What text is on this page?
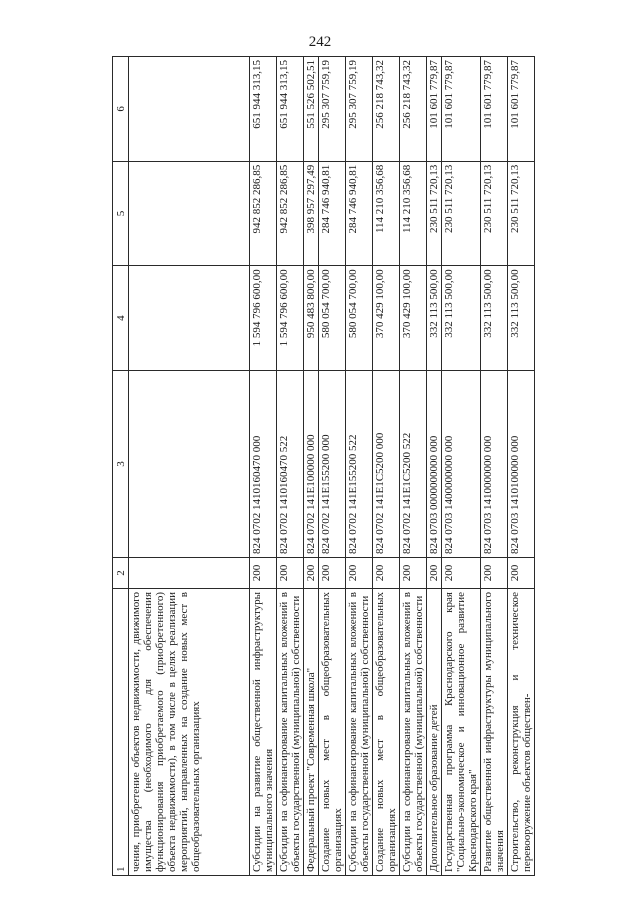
242
1	2	3	4	5	6
чения, приобретение объектов недвижимости, движимого имущества (необходимого для обеспечения функционирования приобретаемого (приобретенного) объекта недвижимости), в том числе в целях реализации мероприятий, направленных на создание новых мест в общеобразовательных организациях					
Субсидии на развитие общественной инфраструктуры муниципального значения	200	824 0702 1410160470 000	1 594 796 600,00	942 852 286,85	651 944 313,15
Субсидии на софинансирование капитальных вложений в объекты государственной (муниципальной) собственности	200	824 0702 1410160470 522	1 594 796 600,00	942 852 286,85	651 944 313,15
Федеральный проект "Современная школа"	200	824 0702 141E100000 000	950 483 800,00	398 957 297,49	551 526 502,51
Создание новых мест в общеобразовательных организациях	200	824 0702 141E155200 000	580 054 700,00	284 746 940,81	295 307 759,19
Субсидии на софинансирование капитальных вложений в объекты государственной (муниципальной) собственности	200	824 0702 141E155200 522	580 054 700,00	284 746 940,81	295 307 759,19
Создание новых мест в общеобразовательных организациях	200	824 0702 141E1C5200 000	370 429 100,00	114 210 356,68	256 218 743,32
Субсидии на софинансирование капитальных вложений в объекты государственной (муниципальной) собственности	200	824 0702 141E1C5200 522	370 429 100,00	114 210 356,68	256 218 743,32
Дополнительное образование детей	200	824 0703 0000000000 000	332 113 500,00	230 511 720,13	101 601 779,87
Государственная программа Краснодарского края "Социально-экономическое и инновационное развитие Краснодарского края"	200	824 0703 1400000000 000	332 113 500,00	230 511 720,13	101 601 779,87
Развитие общественной инфраструктуры муниципального значения	200	824 0703 1410000000 000	332 113 500,00	230 511 720,13	101 601 779,87
Строительство, реконструкция и техническое перевооружение объектов обществен-	200	824 0703 1410100000 000	332 113 500,00	230 511 720,13	101 601 779,87
